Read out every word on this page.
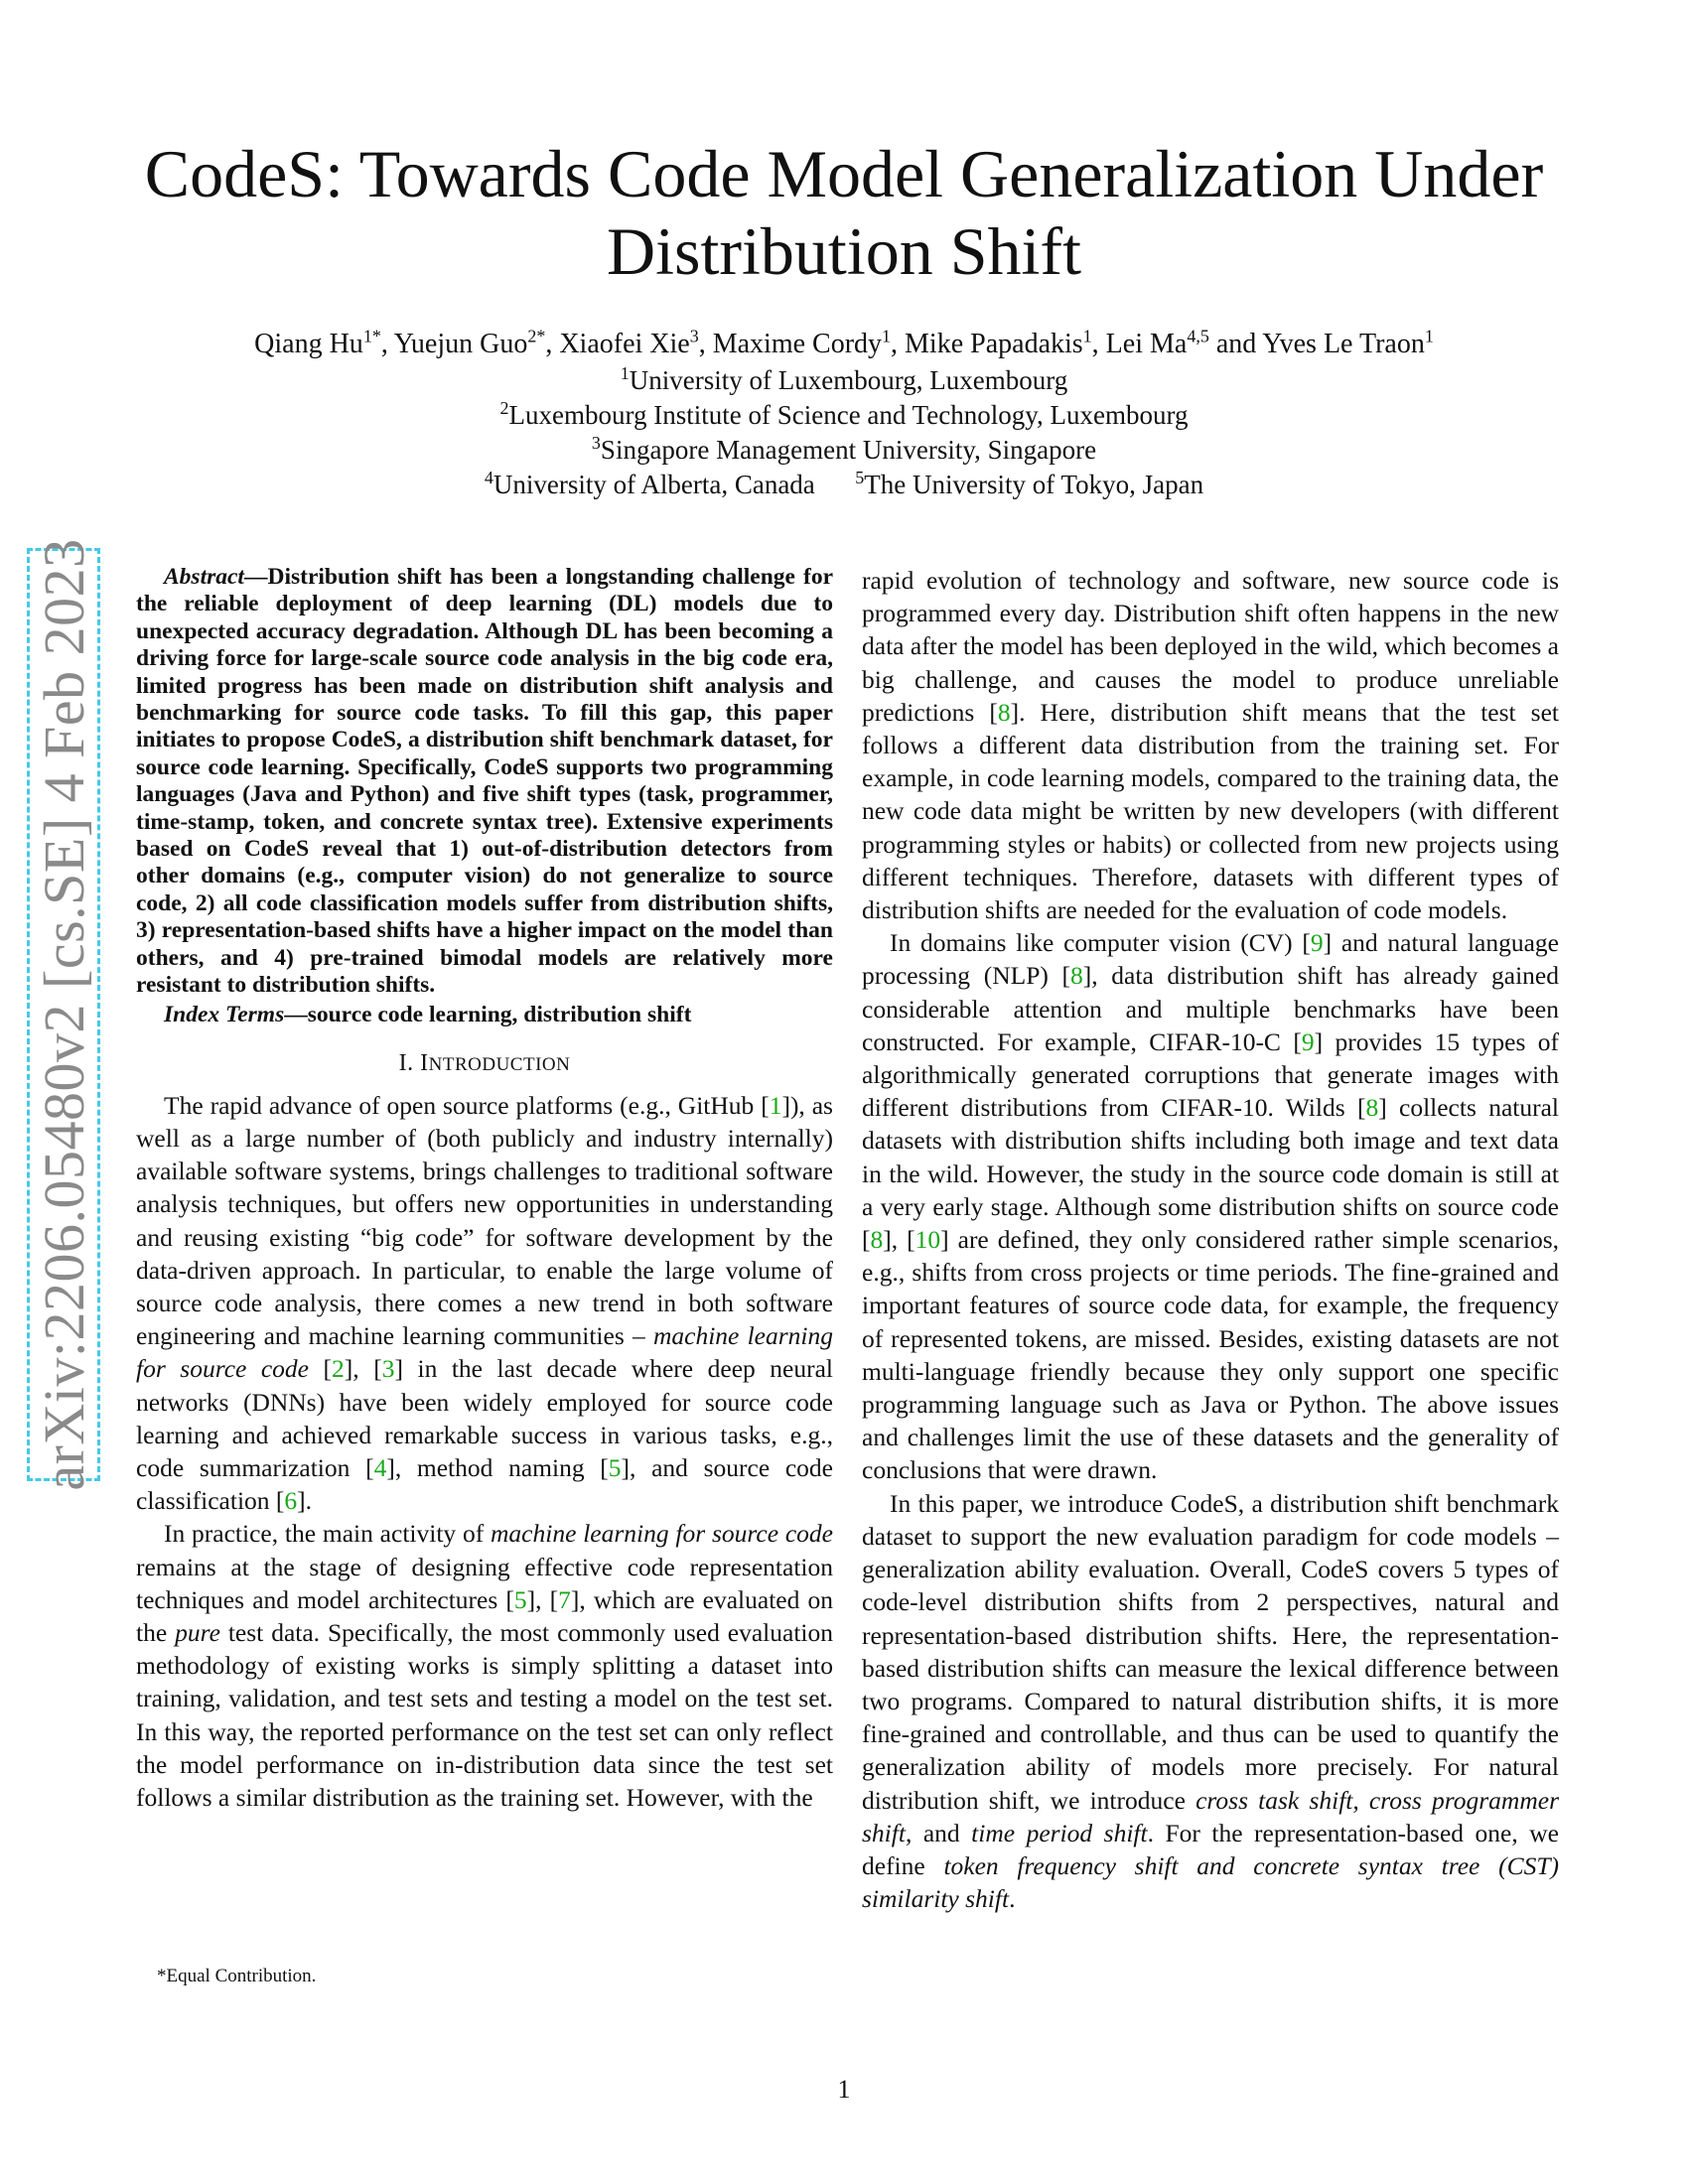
CodeS: Towards Code Model Generalization Under Distribution Shift
Qiang $Hu^{1*}$, Yuejun Guo$^{2*}$, Xiaofei Xie$^3$, Maxime Cordy$^1$, Mike Papadakis$^1$, Lei Ma$^{4,5}$ and Yves Le Traon$^1$
$^1$University of Luxembourg, Luxembourg
$^2$Luxembourg Institute of Science and Technology, Luxembourg
$^3$Singapore Management University, Singapore
$^4$University of Alberta, Canada $^5$The University of Tokyo, Japan
arXiv:2206.05480v2 [cs.SE] 4 Feb 2023	Abstract—Distribution shift has been a longstanding challenge for the reliable deployment of deep learning (DL) models due to unexpected accuracy degradation. Although DL has been becoming a driving force for large-scale source code analysis in the big code era, limited progress has been made on distribution shift analysis and benchmarking for source code tasks. To fill this gap, this paper initiates to propose CodeS, a distribution shift benchmark dataset, for source code learning. Specifically, CodeS supports two programming languages (Java and Python) and five shift types (task, programmer, time-stamp, token, and concrete syntax tree). Extensive experiments based on CodeS reveal that 1) out-of-distribution detectors from other domains (e.g., computer vision) do not generalize to source code, 2) all code classification models suffer from distribution shifts, 3) representation-based shifts have a higher impact on the model than others, and 4) pre-trained bimodal models are relatively more resistant to distribution shifts.

Index Terms—source code learning, distribution shift

I. INTRODUCTION

The rapid advance of open source platforms (e.g., GitHub [1]), as well as a large number of (both publicly and industry internally) available software systems, brings challenges to traditional software analysis techniques, but offers new opportunities in understanding and reusing existing “big code” for software development by the data-driven approach. In particular, to enable the large volume of source code analysis, there comes a new trend in both software engineering and machine learning communities – machine learning for source code [2], [3] in the last decade where deep neural networks (DNNs) have been widely employed for source code learning and achieved remarkable success in various tasks, e.g., code summarization [4], method naming [5], and source code classification [6].

In practice, the main activity of machine learning for source code remains at the stage of designing effective code representation techniques and model architectures [5], [7], which are evaluated on the pure test data. Specifically, the most commonly used evaluation methodology of existing works is simply splitting a dataset into training, validation, and test sets and testing a model on the test set. In this way, the reported performance on the test set can only reflect the model performance on in-distribution data since the test set follows a similar distribution as the training set. However, with the

rapid evolution of technology and software, new source code is programmed every day. Distribution shift often happens in the new data after the model has been deployed in the wild, which becomes a big challenge, and causes the model to produce unreliable predictions [8]. Here, distribution shift means that the test set follows a different data distribution from the training set. For example, in code learning models, compared to the training data, the new code data might be written by new developers (with different programming styles or habits) or collected from new projects using different techniques. Therefore, datasets with different types of distribution shifts are needed for the evaluation of code models.

In domains like computer vision (CV) [9] and natural language processing (NLP) [8], data distribution shift has already gained considerable attention and multiple benchmarks have been constructed. For example, CIFAR-10-C [9] provides 15 types of algorithmically generated corruptions that generate images with different distributions from CIFAR-10. Wilds [8] collects natural datasets with distribution shifts including both image and text data in the wild. However, the study in the source code domain is still at a very early stage. Although some distribution shifts on source code [8], [10] are defined, they only considered rather simple scenarios, e.g., shifts from cross projects or time periods. The fine-grained and important features of source code data, for example, the frequency of represented tokens, are missed. Besides, existing datasets are not multi-language friendly because they only support one specific programming language such as Java or Python. The above issues and challenges limit the use of these datasets and the generality of conclusions that were drawn.

In this paper, we introduce CodeS, a distribution shift benchmark dataset to support the new evaluation paradigm for code models – generalization ability evaluation. Overall, CodeS covers 5 types of code-level distribution shifts from 2 perspectives, natural and representation-based distribution shifts. Here, the representation-based distribution shifts can measure the lexical difference between two programs. Compared to natural distribution shifts, it is more fine-grained and controllable, and thus can be used to quantify the generalization ability of models more precisely. For natural distribution shift, we introduce cross task shift, cross programmer shift, and time period shift. For the representation-based one, we define token frequency shift and concrete syntax tree (CST) similarity shift.

*Equal Contribution.
1
